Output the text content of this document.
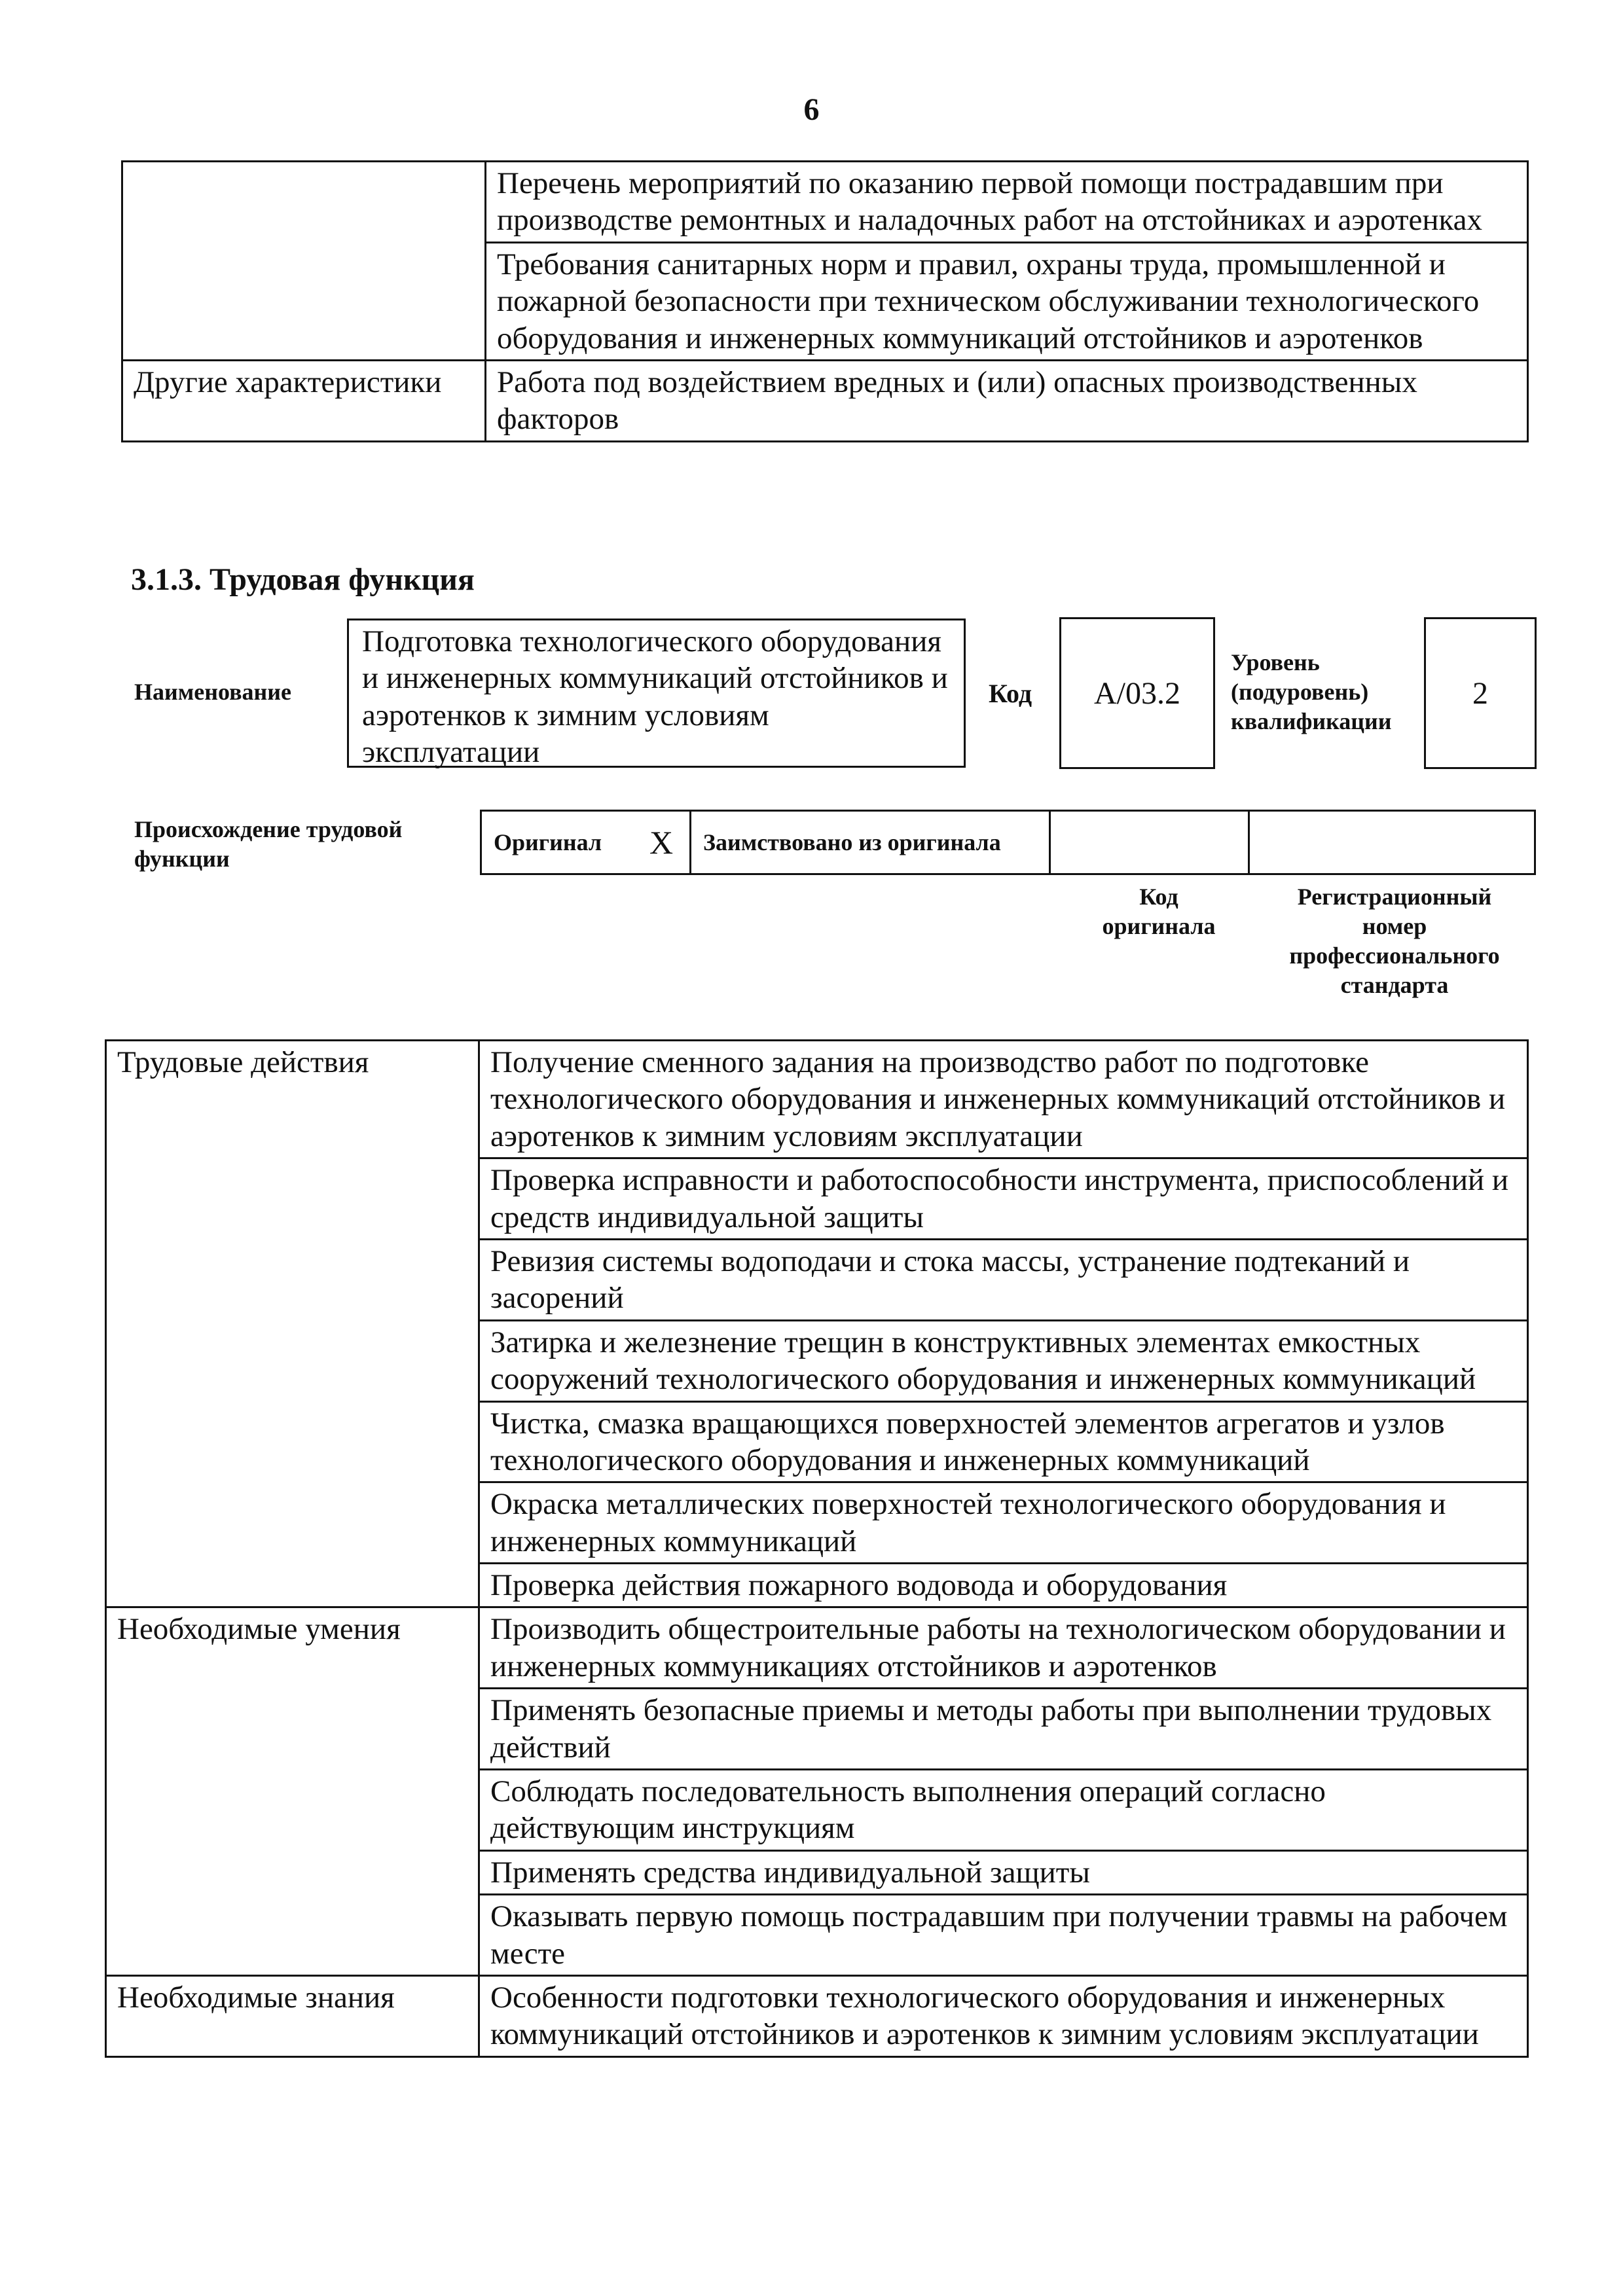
6
	Перечень мероприятий по оказанию первой помощи пострадавшим при производстве ремонтных и наладочных работ на отстойниках и аэротенках
	Требования санитарных норм и правил, охраны труда, промышленной и пожарной безопасности при техническом обслуживании технологического оборудования и инженерных коммуникаций отстойников и аэротенков
Другие характеристики	Работа под воздействием вредных и (или) опасных производственных факторов
3.1.3. Трудовая функция
Наименование
Подготовка технологического оборудования и инженерных коммуникаций отстойников и аэротенков к зимним условиям эксплуатации
Код	A/03.2
Уровень (подуровень) квалификации
2
Происхождение трудовой функции
Оригинал	X	Заимствовано из оригинала		
Код оригинала
Регистрационный номер профессионального стандарта
Трудовые действия	Получение сменного задания на производство работ по подготовке технологического оборудования и инженерных коммуникаций отстойников и аэротенков к зимним условиям эксплуатации
	Проверка исправности и работоспособности инструмента, приспособлений и средств индивидуальной защиты
	Ревизия системы водоподачи и стока массы, устранение подтеканий и засорений
	Затирка и железнение трещин в конструктивных элементах емкостных сооружений технологического оборудования и инженерных коммуникаций
	Чистка, смазка вращающихся поверхностей элементов агрегатов и узлов технологического оборудования и инженерных коммуникаций
	Окраска металлических поверхностей технологического оборудования и инженерных коммуникаций
	Проверка действия пожарного водовода и оборудования
Необходимые умения	Производить общестроительные работы на технологическом оборудовании и инженерных коммуникациях отстойников и аэротенков
	Применять безопасные приемы и методы работы при выполнении трудовых действий
	Соблюдать последовательность выполнения операций согласно действующим инструкциям
	Применять средства индивидуальной защиты
	Оказывать первую помощь пострадавшим при получении травмы на рабочем месте
Необходимые знания	Особенности подготовки технологического оборудования и инженерных коммуникаций отстойников и аэротенков к зимним условиям эксплуатации
